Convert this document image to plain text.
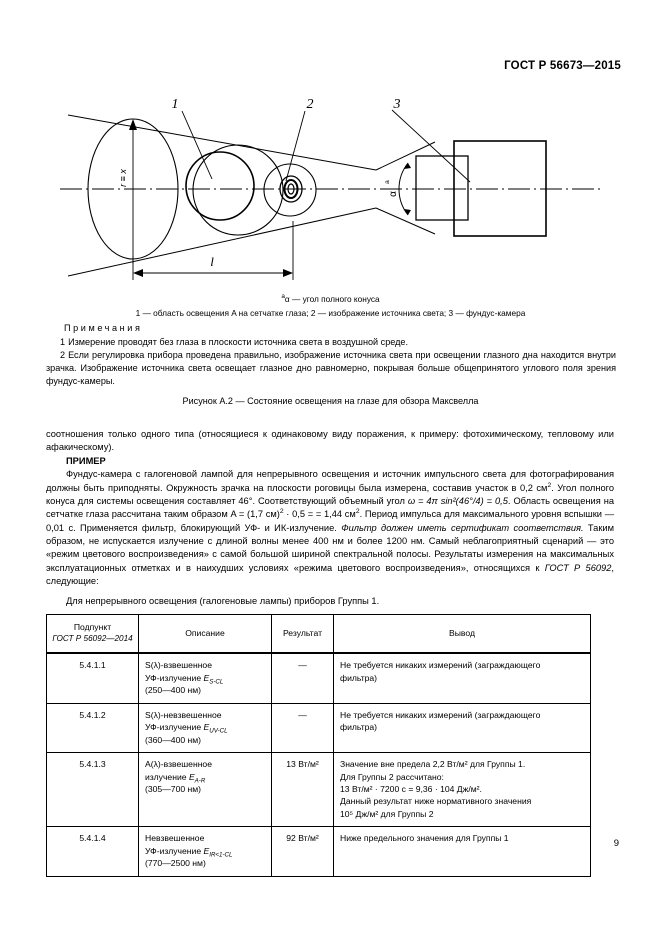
ГОСТ Р 56673—2015
1	2	3
l
r ≡ x
α
a
$^a$α — угол полного конуса
1 — область освещения A на сетчатке глаза; 2 — изображение источника света; 3 — фундус-камера
Примечания
1 Измерение проводят без глаза в плоскости источника света в воздушной среде.
2 Если регулировка прибора проведена правильно, изображение источника света при освещении глазного дна находится внутри зрачка. Изображение источника света освещает глазное дно равномерно, покрывая больше общепринятого углового поля зрения фундус-камеры.
Рисунок А.2 — Состояние освещения на глазе для обзора Максвелла

соотношения только одного типа (относящиеся к одинаковому виду поражения, к примеру: фотохимическому, тепловому или афакическому).

ПРИМЕР

Фундус-камера с галогеновой лампой для непрерывного освещения и источник импульсного света для фотографирования должны быть приподняты. Окружность зрачка на плоскости роговицы была измерена, составив участок в 0,2 $см^2$. Угол полного конуса для системы освещения составляет 46°. Соответствующий объемный угол ω = 4π sin²(46°/4) = 0,5. Область освещения на сетчатке глаза рассчитана таким образом A = (1,7 см)$^2$ · 0,5 = = 1,44 $см^2$. Период импульса для максимального уровня вспышки — 0,01 с. Применяется фильтр, блокирующий УФ- и ИК-излучение. Фильтр должен иметь сертификат соответствия. Таким образом, не испускается излучение с длиной волны менее 400 нм и более 1200 нм. Самый неблагоприятный сценарий — это «режим цветового воспроизведения» с самой большой шириной спектральной полосы. Результаты измерения на максимальных эксплуатационных отметках и в наихудших условиях «режима цветового воспроизведения», относящихся к ГОСТ Р 56092, следующие:

Для непрерывного освещения (галогеновые лампы) приборов Группы 1.

Подпункт
ГОСТ Р 56092—2014	Описание	Результат	Вывод
5.4.1.1	S(λ)-взвешенное
УФ-излучение $E_{S-CL}$
(250—400 нм)	—	Не требуется никаких измерений (заграждающего
фильтра)

5.4.1.2	S(λ)-невзвешенное
УФ-излучение $E_{UV-CL}$
(360—400 нм)	—	Не требуется никаких измерений (заграждающего
фильтра)

5.4.1.3	A(λ)-взвешенное
излучение $E_{A-R}$
(305—700 нм)	13 Вт/м²	Значение вне предела 2,2 Вт/м² для Группы 1.
Для Группы 2 рассчитано:
13 Вт/м² · 7200 с = 9,36 · 104 Дж/м².
Данный результат ниже нормативного значения
10⁵ Дж/м² для Группы 2

5.4.1.4	Невзвешенное
УФ-излучение $E_{IR<1-CL}$
(770—2500 нм)	92 Вт/м²	Ниже предельного значения для Группы 1	9
